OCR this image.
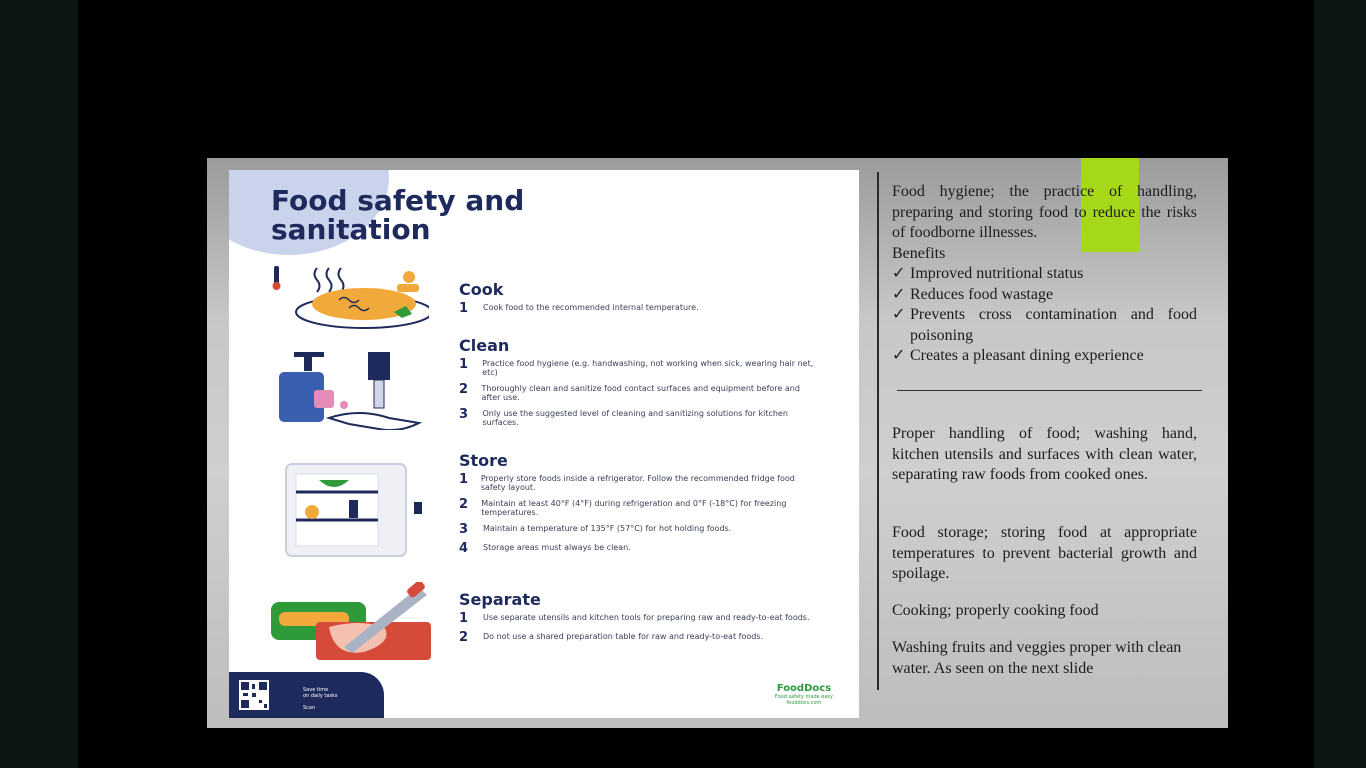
Food safety and
sanitation
Cook
1	Cook food to the recommended internal temperature.
Clean
1	Practice food hygiene (e.g. handwashing, not working when sick, wearing hair net, etc)
2	Thoroughly clean and sanitize food contact surfaces and equipment before and after use.
3	Only use the suggested level of cleaning and sanitizing solutions for kitchen surfaces.
Store
1	Properly store foods inside a refrigerator. Follow the recommended fridge food safety layout.
2	Maintain at least 40°F (4°F) during refrigeration and 0°F (-18°C) for freezing temperatures.
3	Maintain a temperature of 135°F (57°C) for hot holding foods.
4	Storage areas must always be clean.
Separate
1	Use separate utensils and kitchen tools for preparing raw and ready-to-eat foods.
2	Do not use a shared preparation table for raw and ready-to-eat foods.
Save time
on daily tasks
Scan
FoodDocs
Food safety made easy
fooddocs.com
Food hygiene; the practice of handling, preparing and storing food to reduce the risks of foodborne illnesses.
Benefits
✓ Improved nutritional status
✓ Reduces food wastage
✓ Prevents cross contamination and food poisoning
✓ Creates a pleasant dining experience
Proper handling of food; washing hand, kitchen utensils and surfaces with clean water, separating raw foods from cooked ones.
Food storage; storing food at appropriate temperatures to prevent bacterial growth and spoilage.
Cooking; properly cooking food
Washing fruits and veggies proper with clean water. As seen on the next slide
